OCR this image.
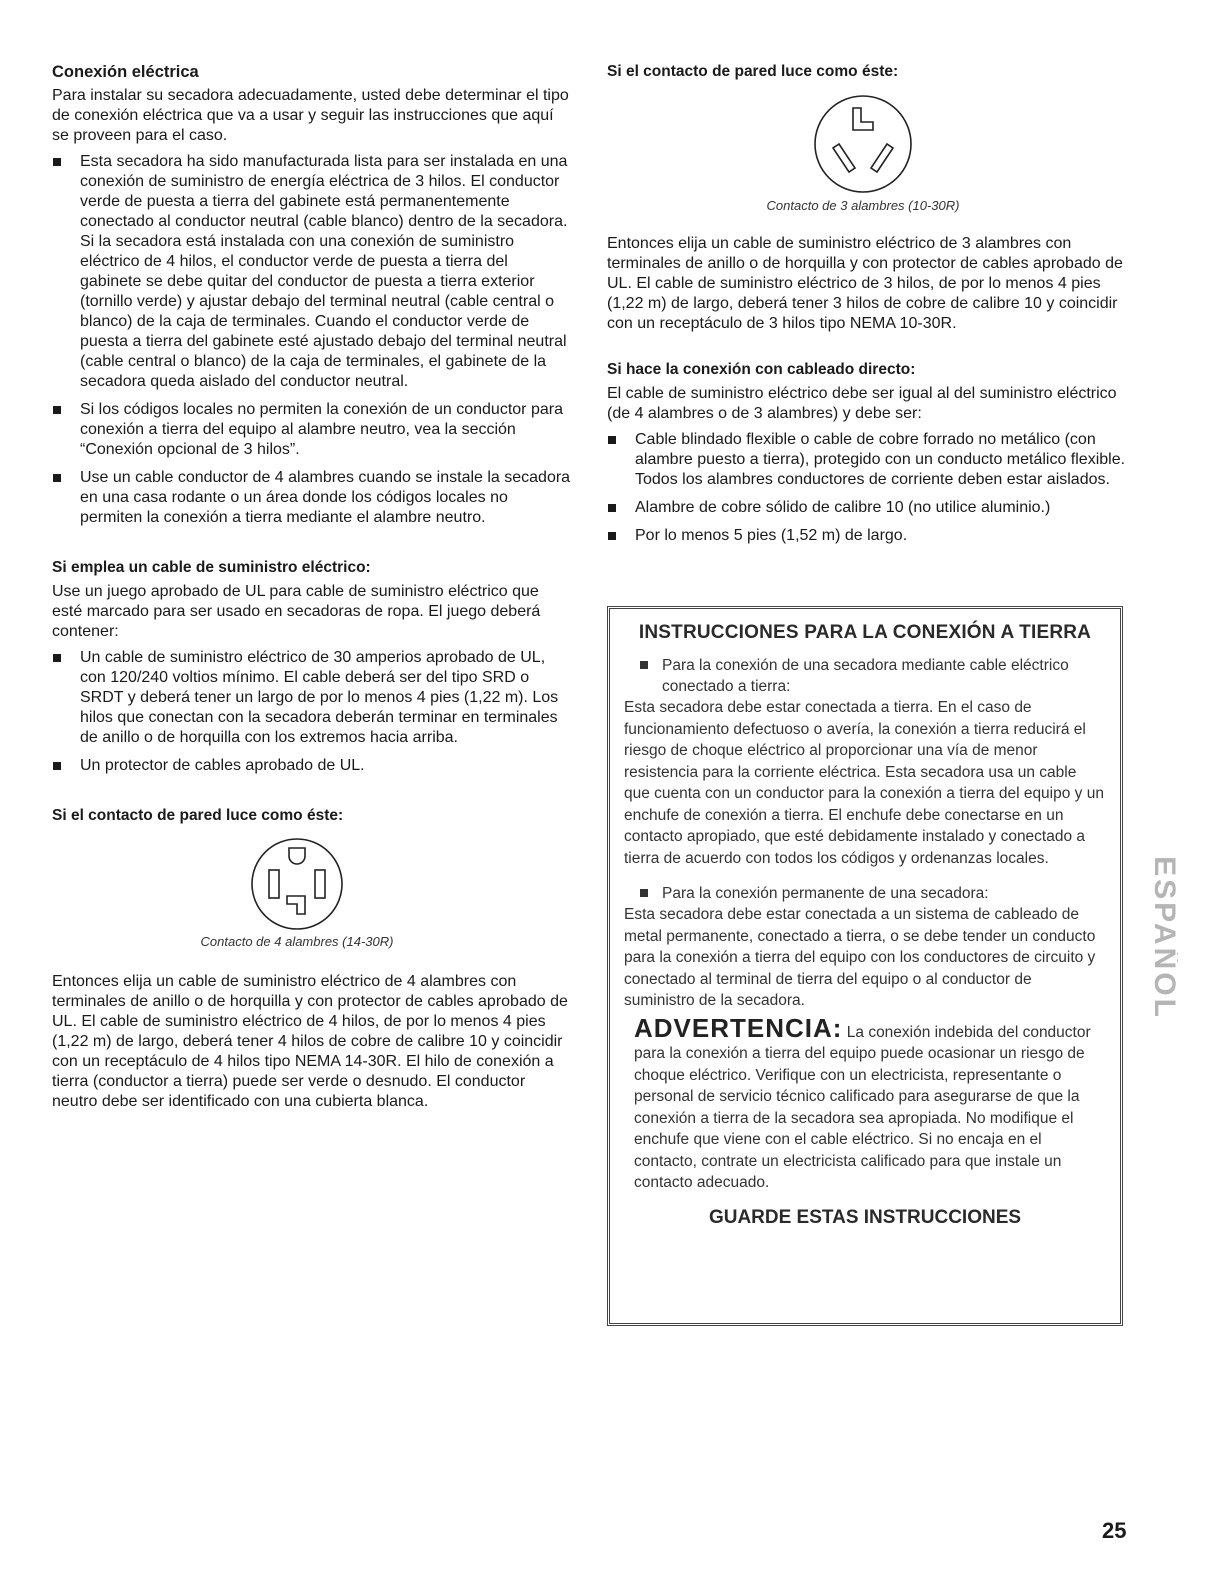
Conexión eléctrica

Para instalar su secadora adecuadamente, usted debe determinar el tipo de conexión eléctrica que va a usar y seguir las instrucciones que aquí se proveen para el caso.

Esta secadora ha sido manufacturada lista para ser instalada en una conexión de suministro de energía eléctrica de 3 hilos. El conductor verde de puesta a tierra del gabinete está permanentemente conectado al conductor neutral (cable blanco) dentro de la secadora. Si la secadora está instalada con una conexión de suministro eléctrico de 4 hilos, el conductor verde de puesta a tierra del gabinete se debe quitar del conductor de puesta a tierra exterior (tornillo verde) y ajustar debajo del terminal neutral (cable central o blanco) de la caja de terminales. Cuando el conductor verde de puesta a tierra del gabinete esté ajustado debajo del terminal neutral (cable central o blanco) de la caja de terminales, el gabinete de la secadora queda aislado del conductor neutral.
Si los códigos locales no permiten la conexión de un conductor para conexión a tierra del equipo al alambre neutro, vea la sección “Conexión opcional de 3 hilos”.
Use un cable conductor de 4 alambres cuando se instale la secadora en una casa rodante o un área donde los códigos locales no permiten la conexión a tierra mediante el alambre neutro.
Si emplea un cable de suministro eléctrico:

Use un juego aprobado de UL para cable de suministro eléctrico que esté marcado para ser usado en secadoras de ropa. El juego deberá contener:

Un cable de suministro eléctrico de 30 amperios aprobado de UL, con 120/240 voltios mínimo. El cable deberá ser del tipo SRD o SRDT y deberá tener un largo de por lo menos 4 pies (1,22 m). Los hilos que conectan con la secadora deberán terminar en terminales de anillo o de horquilla con los extremos hacia arriba.
Un protector de cables aprobado de UL.
Si el contacto de pared luce como éste:
Contacto de 4 alambres (14-30R)

Entonces elija un cable de suministro eléctrico de 4 alambres con terminales de anillo o de horquilla y con protector de cables aprobado de UL. El cable de suministro eléctrico de 4 hilos, de por lo menos 4 pies (1,22 m) de largo, deberá tener 4 hilos de cobre de calibre 10 y coincidir con un receptáculo de 4 hilos tipo NEMA 14-30R. El hilo de conexión a tierra (conductor a tierra) puede ser verde o desnudo. El conductor neutro debe ser identificado con una cubierta blanca.

Si el contacto de pared luce como éste:
Contacto de 3 alambres (10-30R)

Entonces elija un cable de suministro eléctrico de 3 alambres con terminales de anillo o de horquilla y con protector de cables aprobado de UL. El cable de suministro eléctrico de 3 hilos, de por lo menos 4 pies (1,22 m) de largo, deberá tener 3 hilos de cobre de calibre 10 y coincidir con un receptáculo de 3 hilos tipo NEMA 10-30R.

Si hace la conexión con cableado directo:

El cable de suministro eléctrico debe ser igual al del suministro eléctrico (de 4 alambres o de 3 alambres) y debe ser:

Cable blindado flexible o cable de cobre forrado no metálico (con alambre puesto a tierra), protegido con un conducto metálico flexible. Todos los alambres conductores de corriente deben estar aislados.
Alambre de cobre sólido de calibre 10 (no utilice aluminio.)
Por lo menos 5 pies (1,52 m) de largo.
INSTRUCCIONES PARA LA CONEXIÓN A TIERRA
Para la conexión de una secadora mediante cable eléctrico conectado a tierra:

Esta secadora debe estar conectada a tierra. En el caso de funcionamiento defectuoso o avería, la conexión a tierra reducirá el riesgo de choque eléctrico al proporcionar una vía de menor resistencia para la corriente eléctrica. Esta secadora usa un cable que cuenta con un conductor para la conexión a tierra del equipo y un enchufe de conexión a tierra. El enchufe debe conectarse en un contacto apropiado, que esté debidamente instalado y conectado a tierra de acuerdo con todos los códigos y ordenanzas locales.

Para la conexión permanente de una secadora:

Esta secadora debe estar conectada a un sistema de cableado de metal permanente, conectado a tierra, o se debe tender un conducto para la conexión a tierra del equipo con los conductores de circuito y conectado al terminal de tierra del equipo o al conductor de suministro de la secadora.

ADVERTENCIA: La conexión indebida del conductor para la conexión a tierra del equipo puede ocasionar un riesgo de choque eléctrico. Verifique con un electricista, representante o personal de servicio técnico calificado para asegurarse de que la conexión a tierra de la secadora sea apropiada. No modifique el enchufe que viene con el cable eléctrico. Si no encaja en el contacto, contrate un electricista calificado para que instale un contacto adecuado.

GUARDE ESTAS INSTRUCCIONES
ESPAÑOL
25
